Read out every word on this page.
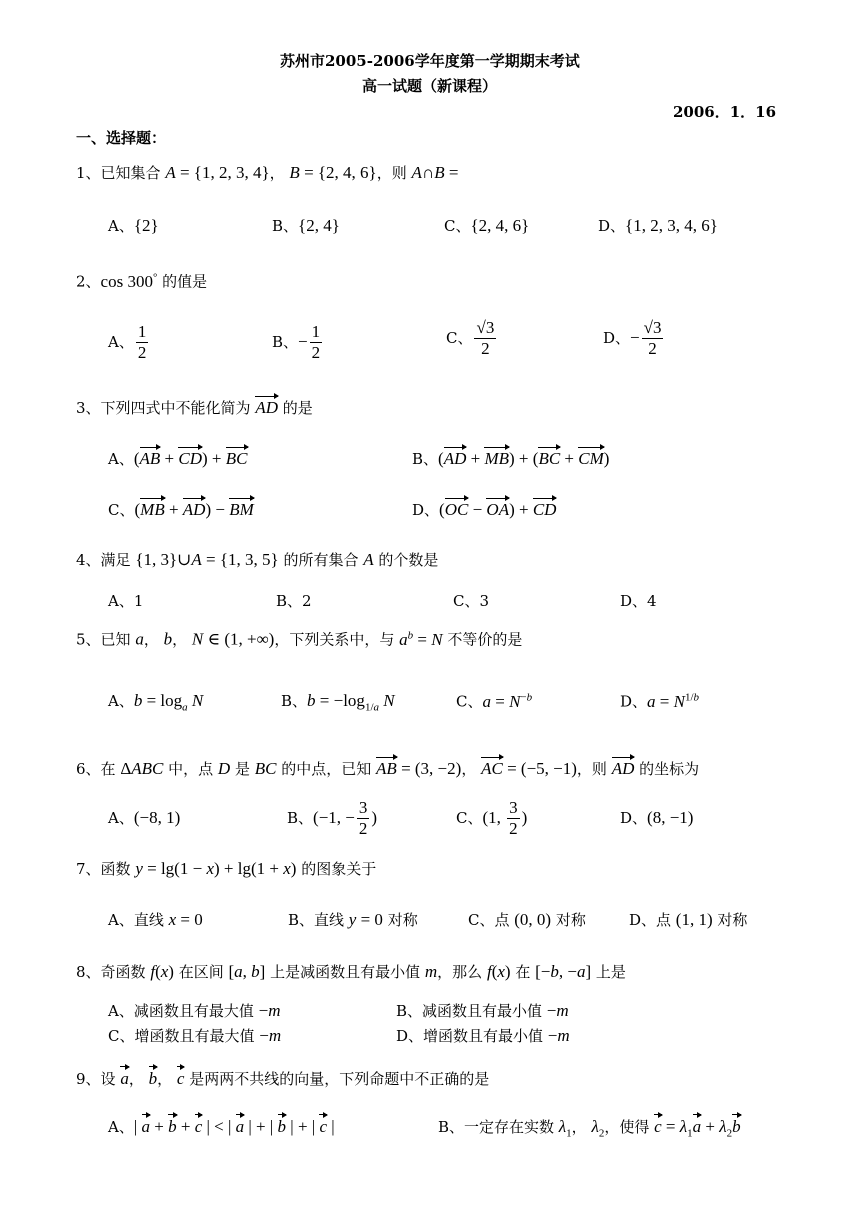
苏州市2005-2006学年度第一学期期末考试
高一试题（新课程）
2006．1．16
一、选择题：
1、已知集合 A = {1, 2, 3, 4}， B = {2, 4, 6}，则 A∩B =
A、{2}	B、{2, 4}	C、{2, 4, 6}	D、{1, 2, 3, 4, 6}
2、cos 300° 的值是
A、 $\frac{1}{2}$	B、− $\frac{1}{2}$	C、 $\frac{√3}{2}$	D、− $\frac{√3}{2}$
3、下列四式中不能化简为 AD 的是
A、(AB + CD) + BC	B、(AD + MB) + (BC + CM)
C、(MB + AD) − BM	D、(OC − OA) + CD
4、满足 {1, 3}∪A = {1, 3, 5} 的所有集合 A 的个数是
A、1	B、2	C、3	D、4
5、已知 a， b， N ∈ (1, +∞)，下列关系中，与 $a^b = N$ 不等价的是
A、$b = \log_a N$	B、$b = -\log_{1/a}$ N	C、$a = N^{-b}$	D、$a = N^{1/b}$
6、在 ΔABC 中，点 D 是 BC 的中点，已知 AB = (3, −2)， AC = (−5, −1)，则 AD 的坐标为
A、(−8, 1)	B、(−1, − $\frac{3}{2}$ )	C、(1, $\frac{3}{2}$ )	D、(8, −1)
7、函数 y = lg(1 − x) + lg(1 + x) 的图象关于
A、直线 x = 0	B、直线 y = 0 对称	C、点 (0, 0) 对称	D、点 (1, 1) 对称
8、奇函数 f(x) 在区间 [a, b] 上是减函数且有最小值 m，那么 f(x) 在 [−b, −a] 上是
A、减函数且有最大值 −m	B、减函数且有最小值 −m
C、增函数且有最大值 −m	D、增函数且有最小值 −m
9、设 a， b， c 是两两不共线的向量，下列命题中不正确的是
A、| a + b + c | < | a | + | b | + | c |	B、一定存在实数 $\lambda_1$， $\lambda_2$，使得 $c = \lambda_1a + \lambda_2b$
